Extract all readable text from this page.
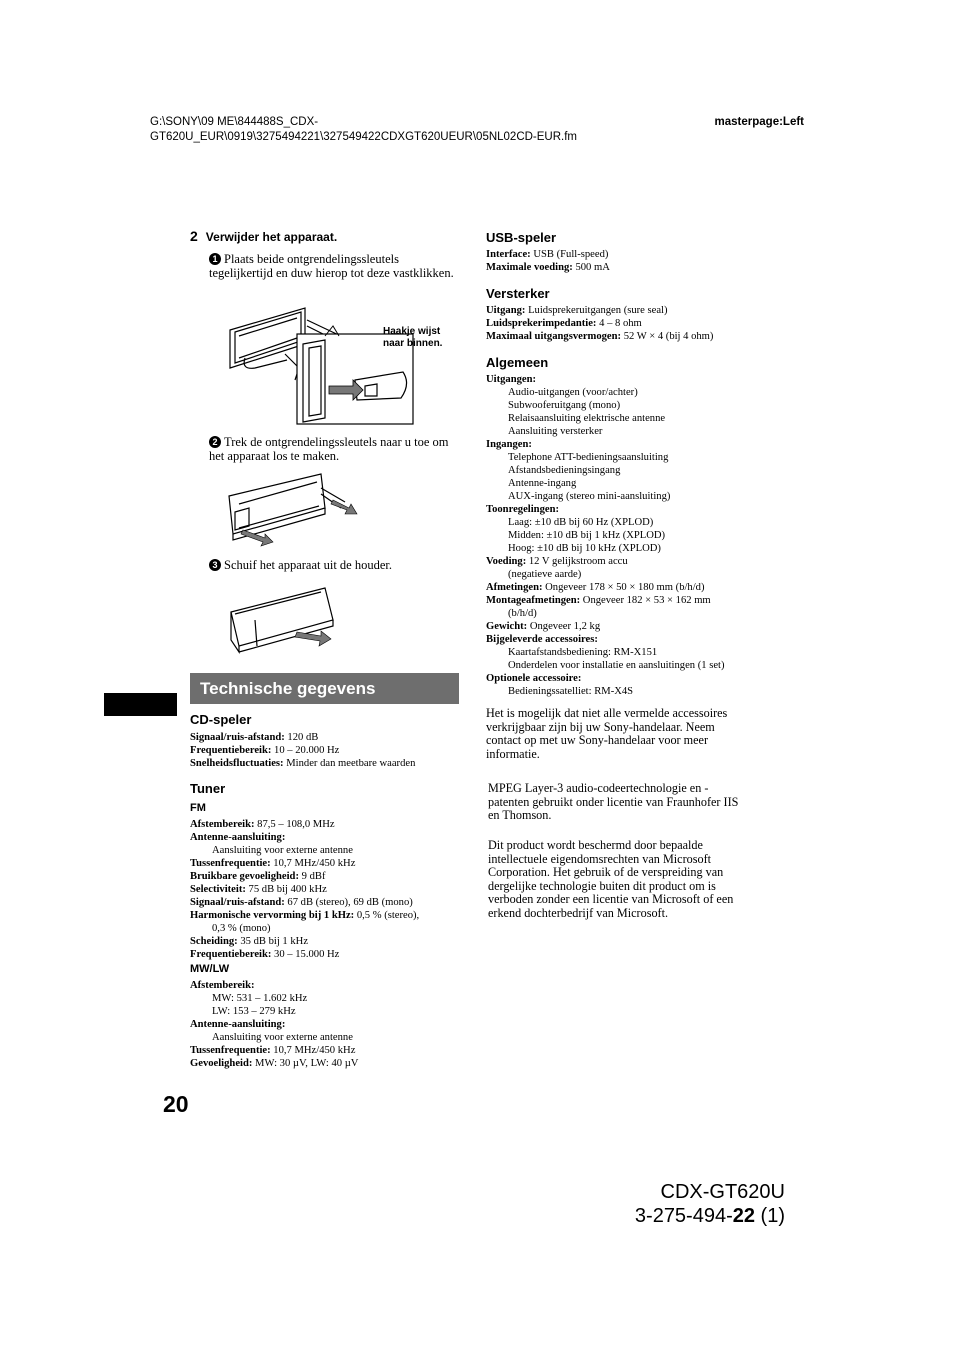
G:\SONY\09 ME\844488S_CDX-
GT620U_EUR\0919\3275494221\327549422CDXGT620UEUR\05NL02CD-EUR.fm
masterpage:Left
2 Verwijder het apparaat.
1 Plaats beide ontgrendelingssleutels tegelijkertijd en duw hierop tot deze vastklikken.
Haakje wijst naar binnen.
2 Trek de ontgrendelingssleutels naar u toe om het apparaat los te maken.
3 Schuif het apparaat uit de houder.
Technische gegevens
CD-speler
Signaal/ruis-afstand: 120 dB
Frequentiebereik: 10 – 20.000 Hz
Snelheidsfluctuaties: Minder dan meetbare waarden
Tuner
FM
Afstembereik: 87,5 – 108,0 MHz
Antenne-aansluiting:
Aansluiting voor externe antenne
Tussenfrequentie: 10,7 MHz/450 kHz
Bruikbare gevoeligheid: 9 dBf
Selectiviteit: 75 dB bij 400 kHz
Signaal/ruis-afstand: 67 dB (stereo), 69 dB (mono)
Harmonische vervorming bij 1 kHz: 0,5 % (stereo),
0,3 % (mono)
Scheiding: 35 dB bij 1 kHz
Frequentiebereik: 30 – 15.000 Hz
MW/LW
Afstembereik:
MW: 531 – 1.602 kHz
LW: 153 – 279 kHz
Antenne-aansluiting:
Aansluiting voor externe antenne
Tussenfrequentie: 10,7 MHz/450 kHz
Gevoeligheid: MW: 30 µV, LW: 40 µV
USB-speler
Interface: USB (Full-speed)
Maximale voeding: 500 mA
Versterker
Uitgang: Luidsprekeruitgangen (sure seal)
Luidsprekerimpedantie: 4 – 8 ohm
Maximaal uitgangsvermogen: 52 W × 4 (bij 4 ohm)
Algemeen
Uitgangen:
Audio-uitgangen (voor/achter)
Subwooferuitgang (mono)
Relaisaansluiting elektrische antenne
Aansluiting versterker
Ingangen:
Telephone ATT-bedieningsaansluiting
Afstandsbedieningsingang
Antenne-ingang
AUX-ingang (stereo mini-aansluiting)
Toonregelingen:
Laag: ±10 dB bij 60 Hz (XPLOD)
Midden: ±10 dB bij 1 kHz (XPLOD)
Hoog: ±10 dB bij 10 kHz (XPLOD)
Voeding: 12 V gelijkstroom accu
(negatieve aarde)
Afmetingen: Ongeveer 178 × 50 × 180 mm (b/h/d)
Montageafmetingen: Ongeveer 182 × 53 × 162 mm
(b/h/d)
Gewicht: Ongeveer 1,2 kg
Bijgeleverde accessoires:
Kaartafstandsbediening: RM-X151
Onderdelen voor installatie en aansluitingen (1 set)
Optionele accessoire:
Bedieningssatelliet: RM-X4S
Het is mogelijk dat niet alle vermelde accessoires verkrijgbaar zijn bij uw Sony-handelaar. Neem contact op met uw Sony-handelaar voor meer informatie.
MPEG Layer-3 audio-codeertechnologie en -patenten gebruikt onder licentie van Fraunhofer IIS en Thomson.
Dit product wordt beschermd door bepaalde intellectuele eigendomsrechten van Microsoft Corporation. Het gebruik of de verspreiding van dergelijke technologie buiten dit product om is verboden zonder een licentie van Microsoft of een erkend dochterbedrijf van Microsoft.
20
CDX-GT620U
3-275-494-22 (1)
